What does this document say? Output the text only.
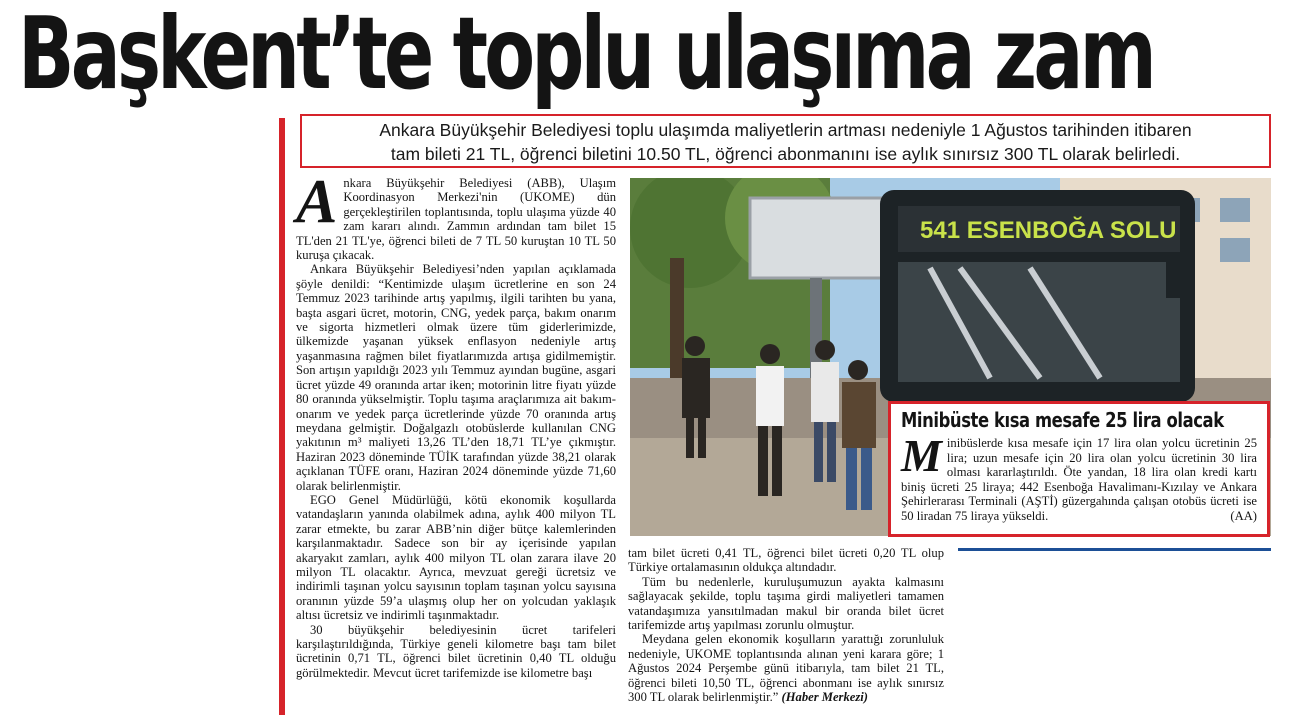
Başkent’te toplu ulaşıma zam
Ankara Büyükşehir Belediyesi toplu ulaşımda maliyetlerin artması nedeniyle 1 Ağustos tarihinden itibaren
tam bileti 21 TL, öğrenci biletini 10.50 TL, öğrenci abonmanını ise aylık sınırsız 300 TL olarak belirledi.

Ankara Büyükşehir Belediyesi (ABB), Ulaşım Koordinasyon Merkezi'nin (UKOME) dün gerçekleştirilen toplantısında, toplu ulaşıma yüzde 40 zam kararı alındı. Zammın ardından tam bilet 15 TL'den 21 TL'ye, öğrenci bileti de 7 TL 50 kuruştan 10 TL 50 kuruşa çıkacak.

Ankara Büyükşehir Belediyesi’nden yapılan açıklamada şöyle denildi: “Kentimizde ulaşım ücretlerine en son 24 Temmuz 2023 tarihinde artış yapılmış, ilgili tarihten bu yana, başta asgari ücret, motorin, CNG, yedek parça, bakım onarım ve sigorta hizmetleri olmak üzere tüm giderlerimizde, ülkemizde yaşanan yüksek enflasyon nedeniyle artış yaşanmasına rağmen bilet fiyatlarımızda artışa gidilmemiştir. Son artışın yapıldığı 2023 yılı Temmuz ayından bugüne, asgari ücret yüzde 49 oranında artar iken; motorinin litre fiyatı yüzde 80 oranında yükselmiştir. Toplu taşıma araçlarımıza ait bakım-onarım ve yedek parça ücretlerinde yüzde 70 oranında artış meydana gelmiştir. Doğalgazlı otobüslerde kullanılan CNG yakıtının m³ maliyeti 13,26 TL’den 18,71 TL’ye çıkmıştır. Haziran 2023 döneminde TÜİK tarafından yüzde 38,21 olarak açıklanan TÜFE oranı, Haziran 2024 döneminde yüzde 71,60 olarak belirlenmiştir.

EGO Genel Müdürlüğü, kötü ekonomik koşullarda vatandaşların yanında olabilmek adına, aylık 400 milyon TL zarar etmekte, bu zarar ABB’nin diğer bütçe kalemlerinden karşılanmaktadır. Sadece son bir ay içerisinde yapılan akaryakıt zamları, aylık 400 milyon TL olan zarara ilave 20 milyon TL olacaktır. Ayrıca, mevzuat gereği ücretsiz ve indirimli taşınan yolcu sayısının toplam taşınan yolcu sayısına oranının yüzde 59’a ulaşmış olup her on yolcudan yaklaşık altısı ücretsiz ve indirimli taşınmaktadır.

30 büyükşehir belediyesinin ücret tarifeleri karşılaştırıldığında, Türkiye geneli kilometre başı tam bilet ücretinin 0,71 TL, öğrenci bilet ücretinin 0,40 TL olduğu görülmektedir. Mevcut ücret tarifemizde ise kilometre başı

541 ESENBOĞA SOLU
Minibüste kısa mesafe 25 lira olacak
Minibüslerde kısa mesafe için 17 lira olan yolcu ücretinin 25 lira; uzun mesafe için 20 lira olan yolcu ücretinin 30 lira olması kararlaştırıldı. Öte yandan, 18 lira olan kredi kartı biniş ücreti 25 liraya; 442 Esenboğa Havalimanı-Kızılay ve Ankara Şehirlerarası Terminali (AŞTİ) güzergahında çalışan otobüs ücreti ise 50 liradan 75 liraya yükseldi.	(AA)

tam bilet ücreti 0,41 TL, öğrenci bilet ücreti 0,20 TL olup Türkiye ortalamasının oldukça altındadır.

Tüm bu nedenlerle, kuruluşumuzun ayakta kalmasını sağlayacak şekilde, toplu taşıma girdi maliyetleri tamamen vatandaşımıza yansıtılmadan makul bir oranda bilet ücret tarifemizde artış yapılması zorunlu olmuştur.

Meydana gelen ekonomik koşulların yarattığı zorunluluk nedeniyle, UKOME toplantısında alınan yeni karara göre; 1 Ağustos 2024 Perşembe günü itibarıyla, tam bilet 21 TL, öğrenci bileti 10,50 TL, öğrenci abonmanı ise aylık sınırsız 300 TL olarak belirlenmiştir.” (Haber Merkezi)
